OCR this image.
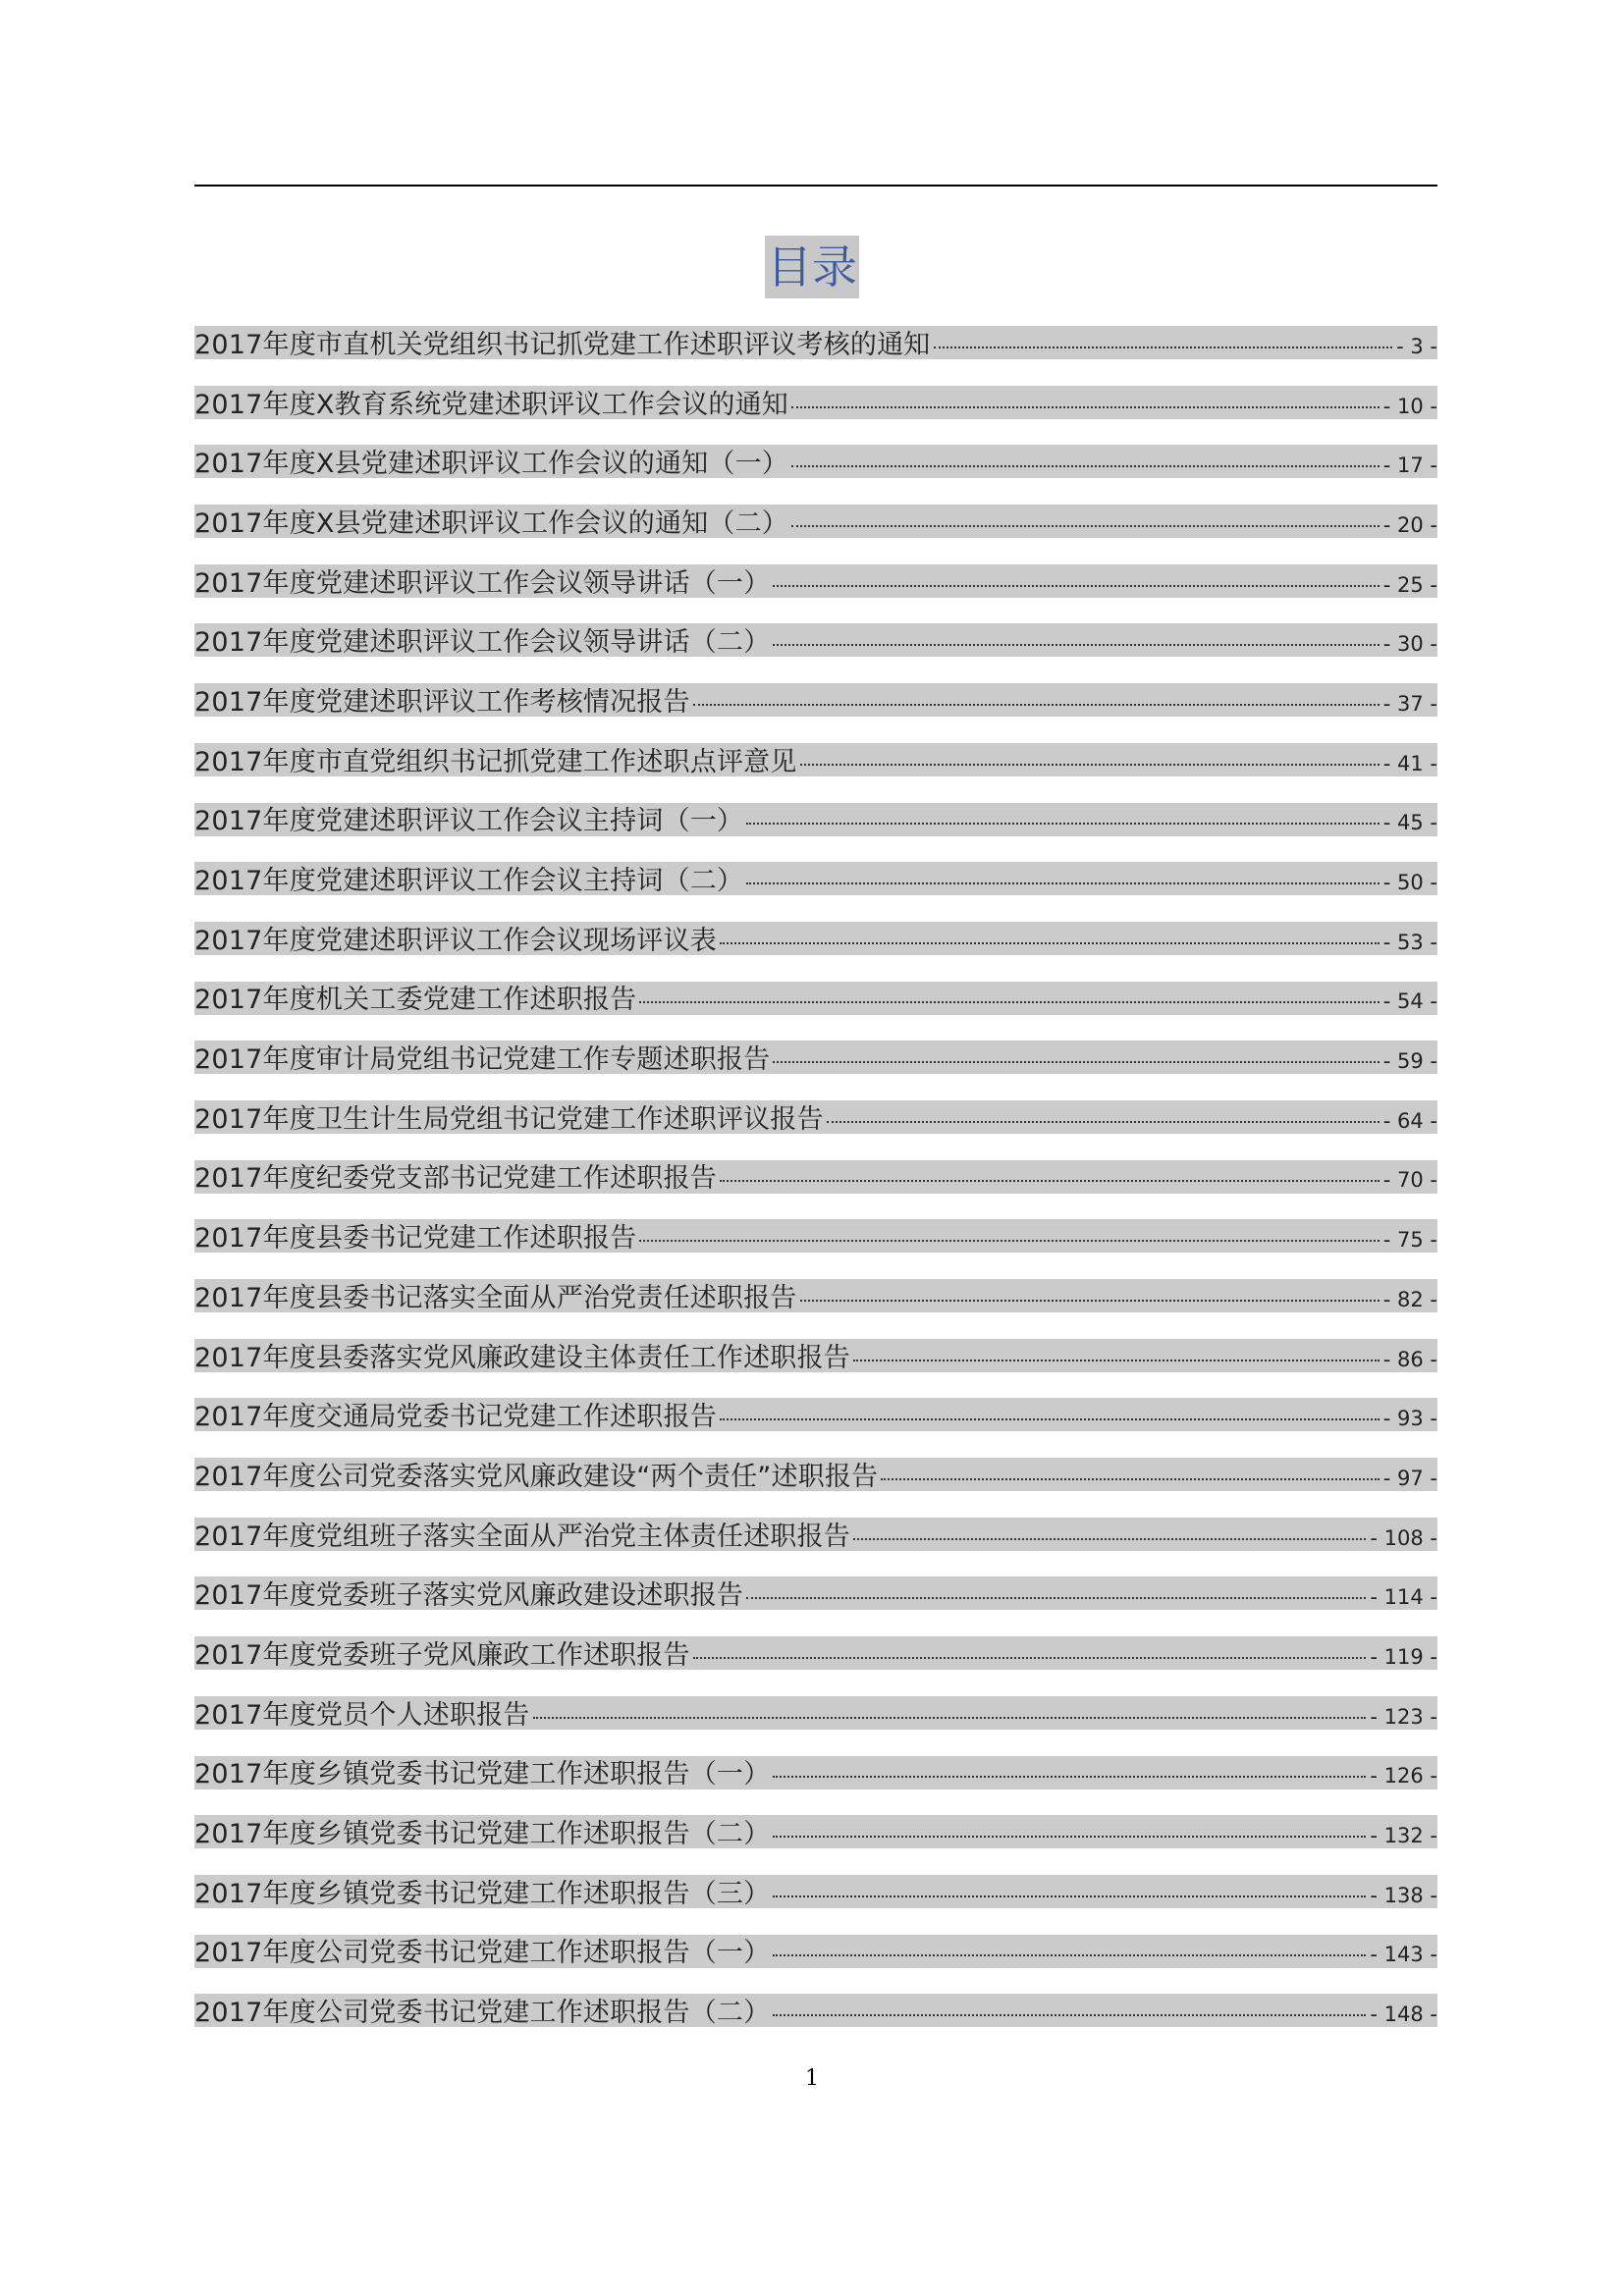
目录
2017年度市直机关党组织书记抓党建工作述职评议考核的通知	- 3 -
2017年度X教育系统党建述职评议工作会议的通知	- 10 -
2017年度X县党建述职评议工作会议的通知（一）	- 17 -
2017年度X县党建述职评议工作会议的通知（二）	- 20 -
2017年度党建述职评议工作会议领导讲话（一）	- 25 -
2017年度党建述职评议工作会议领导讲话（二）	- 30 -
2017年度党建述职评议工作考核情况报告	- 37 -
2017年度市直党组织书记抓党建工作述职点评意见	- 41 -
2017年度党建述职评议工作会议主持词（一）	- 45 -
2017年度党建述职评议工作会议主持词（二）	- 50 -
2017年度党建述职评议工作会议现场评议表	- 53 -
2017年度机关工委党建工作述职报告	- 54 -
2017年度审计局党组书记党建工作专题述职报告	- 59 -
2017年度卫生计生局党组书记党建工作述职评议报告	- 64 -
2017年度纪委党支部书记党建工作述职报告	- 70 -
2017年度县委书记党建工作述职报告	- 75 -
2017年度县委书记落实全面从严治党责任述职报告	- 82 -
2017年度县委落实党风廉政建设主体责任工作述职报告	- 86 -
2017年度交通局党委书记党建工作述职报告	- 93 -
2017年度公司党委落实党风廉政建设“两个责任”述职报告	- 97 -
2017年度党组班子落实全面从严治党主体责任述职报告	- 108 -
2017年度党委班子落实党风廉政建设述职报告	- 114 -
2017年度党委班子党风廉政工作述职报告	- 119 -
2017年度党员个人述职报告	- 123 -
2017年度乡镇党委书记党建工作述职报告（一）	- 126 -
2017年度乡镇党委书记党建工作述职报告（二）	- 132 -
2017年度乡镇党委书记党建工作述职报告（三）	- 138 -
2017年度公司党委书记党建工作述职报告（一）	- 143 -
2017年度公司党委书记党建工作述职报告（二）	- 148 -
1
